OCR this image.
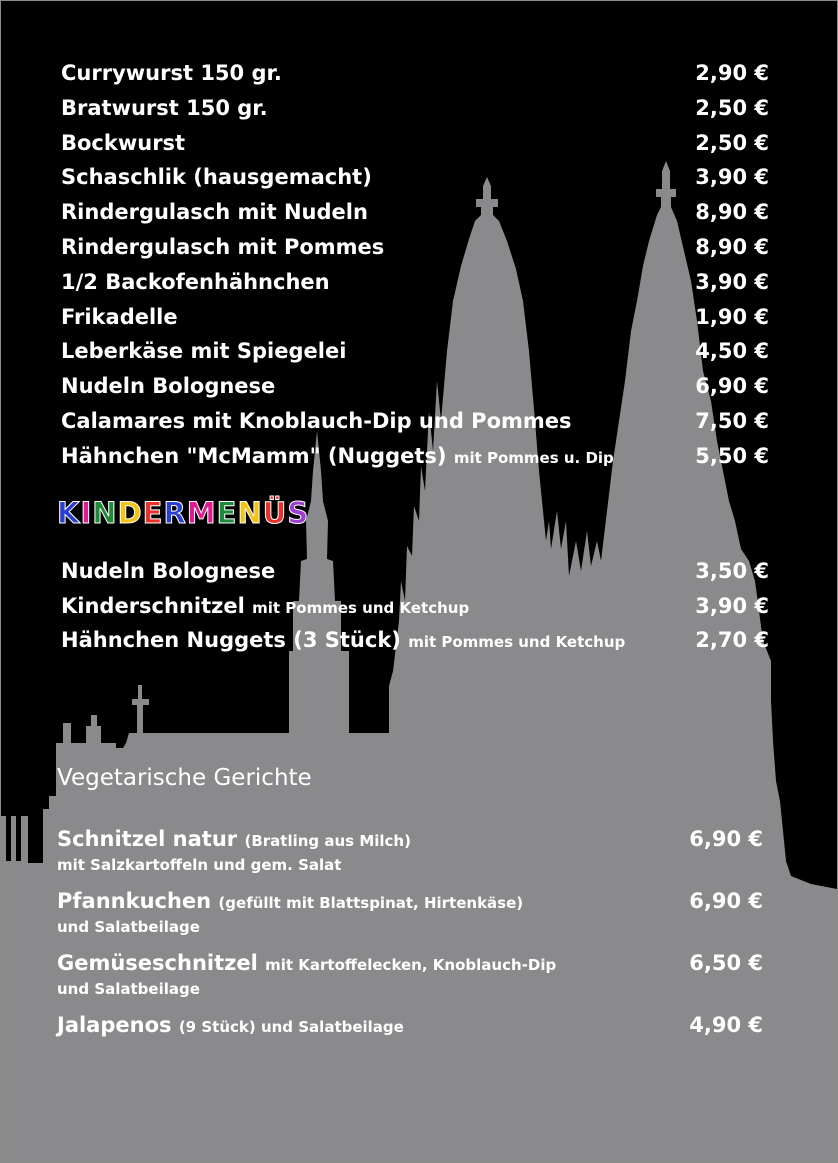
Currywurst 150 gr.	2,90 €
Bratwurst 150 gr.	2,50 €
Bockwurst	2,50 €
Schaschlik (hausgemacht)	3,90 €
Rindergulasch mit Nudeln	8,90 €
Rindergulasch mit Pommes	8,90 €
1/2 Backofenhähnchen	3,90 €
Frikadelle	1,90 €
Leberkäse mit Spiegelei	4,50 €
Nudeln Bolognese	6,90 €
Calamares mit Knoblauch-Dip und Pommes	7,50 €
Hähnchen "McMamm" (Nuggets) mit Pommes u. Dip	5,50 €
KINDERMENÜS
Nudeln Bolognese	3,50 €
Kinderschnitzel mit Pommes und Ketchup	3,90 €
Hähnchen Nuggets (3 Stück) mit Pommes und Ketchup	2,70 €
Vegetarische Gerichte
Schnitzel natur (Bratling aus Milch)	6,90 €
mit Salzkartoffeln und gem. Salat
Pfannkuchen (gefüllt mit Blattspinat, Hirtenkäse)	6,90 €
und Salatbeilage
Gemüseschnitzel mit Kartoffelecken, Knoblauch-Dip	6,50 €
und Salatbeilage
Jalapenos (9 Stück) und Salatbeilage	4,90 €
